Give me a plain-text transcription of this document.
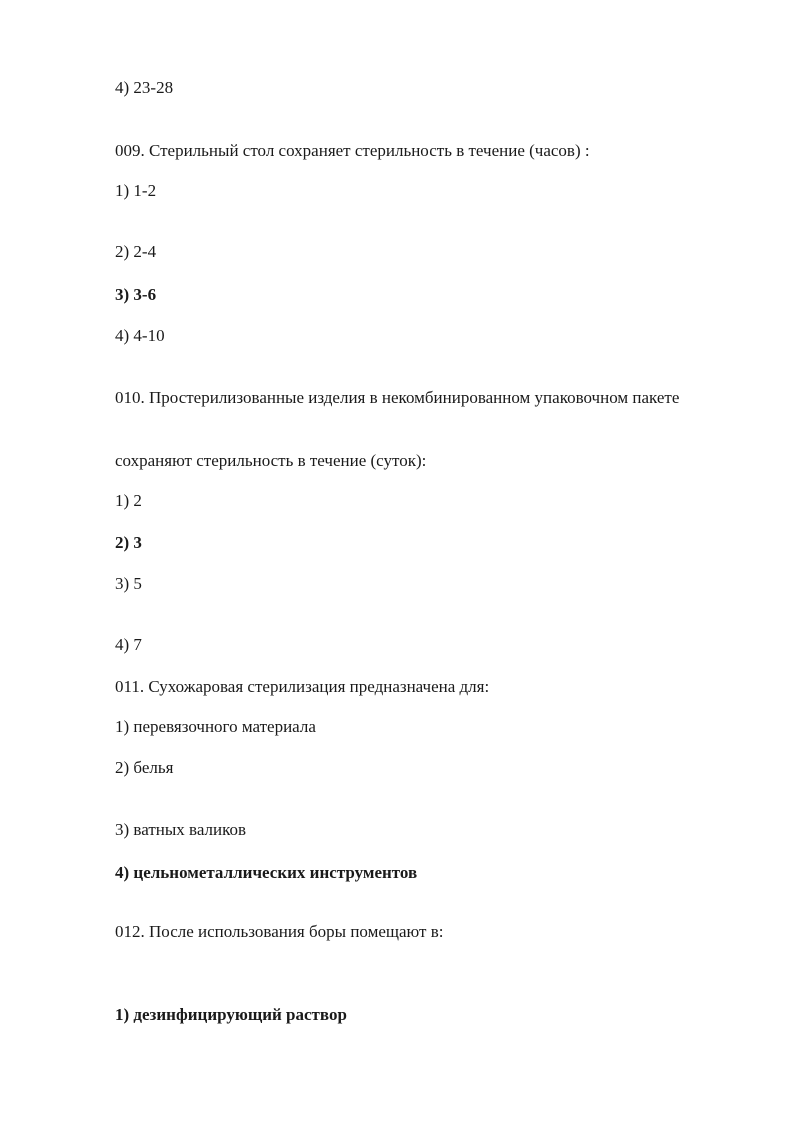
4) 23-28
009. Стерильный стол сохраняет стерильность в течение (часов) :
1) 1-2
2) 2-4
3) 3-6
4) 4-10
010. Простерилизованные изделия в некомбинированном упаковочном пакете
сохраняют стерильность в течение (суток):
1) 2
2) 3
3) 5
4) 7
011. Сухожаровая стерилизация предназначена для:
1) перевязочного материала
2) белья
3) ватных валиков
4) цельнометаллических инструментов
012. После использования боры помещают в:
1) дезинфицирующий раствор
